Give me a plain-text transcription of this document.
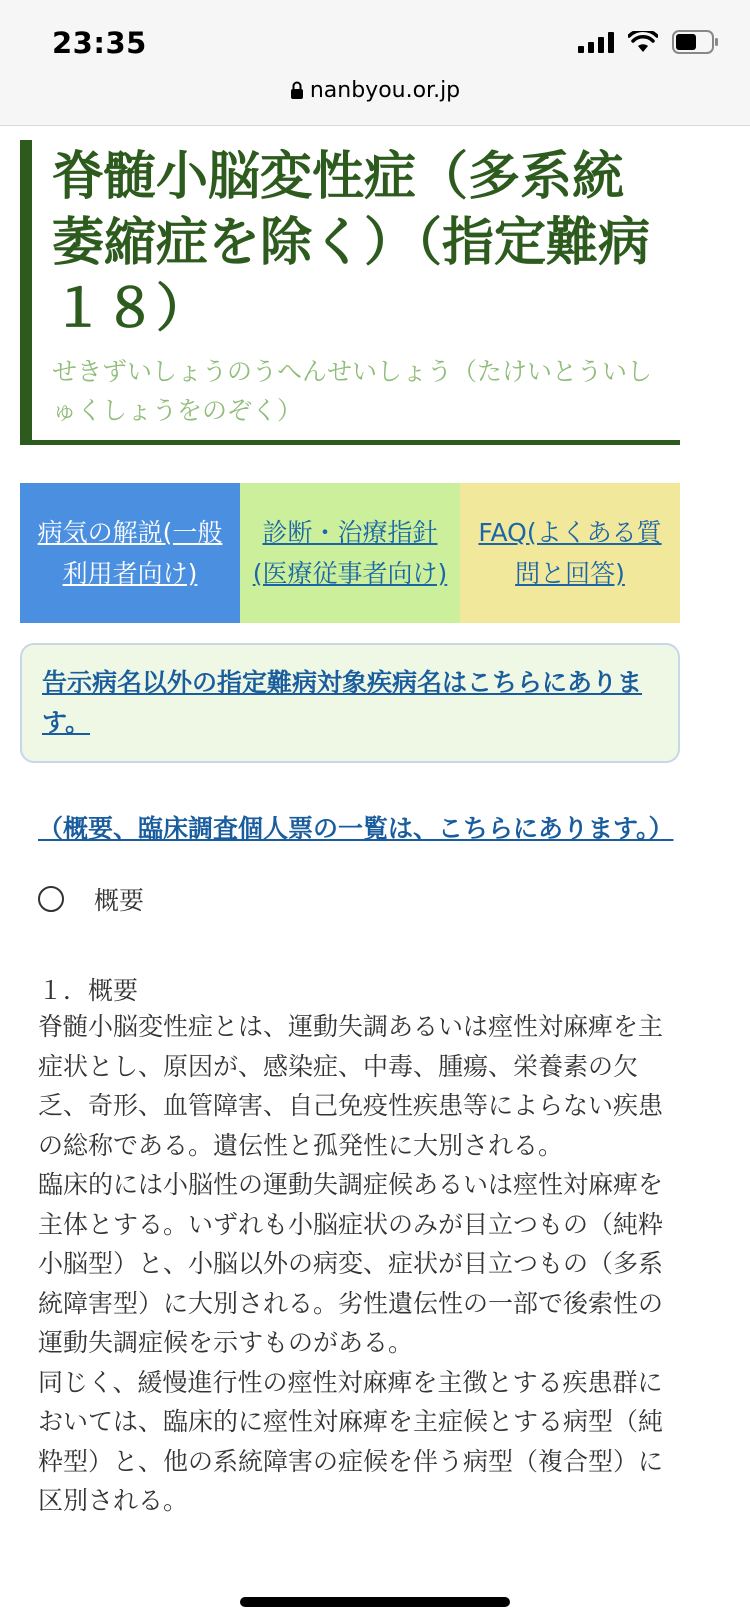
23:35
nanbyou.or.jp
脊髄小脳変性症（多系統萎縮症を除く）（指定難病１８）
せきずいしょうのうへんせいしょう（たけいとういしゅくしょうをのぞく）
病気の解説(一般利用者向け)
診断・治療指針(医療従事者向け)
FAQ(よくある質問と回答)
告示病名以外の指定難病対象疾病名はこちらにあります。
（概要、臨床調査個人票の一覧は、こちらにあります。）
概要
１．概要

脊髄小脳変性症とは、運動失調あるいは痙性対麻痺を主症状とし、原因が、感染症、中毒、腫瘍、栄養素の欠乏、奇形、血管障害、自己免疫性疾患等によらない疾患の総称である。遺伝性と孤発性に大別される。

臨床的には小脳性の運動失調症候あるいは痙性対麻痺を主体とする。いずれも小脳症状のみが目立つもの（純粋小脳型）と、小脳以外の病変、症状が目立つもの（多系統障害型）に大別される。劣性遺伝性の一部で後索性の運動失調症候を示すものがある。

同じく、緩慢進行性の痙性対麻痺を主徴とする疾患群においては、臨床的に痙性対麻痺を主症候とする病型（純粋型）と、他の系統障害の症候を伴う病型（複合型）に区別される。
